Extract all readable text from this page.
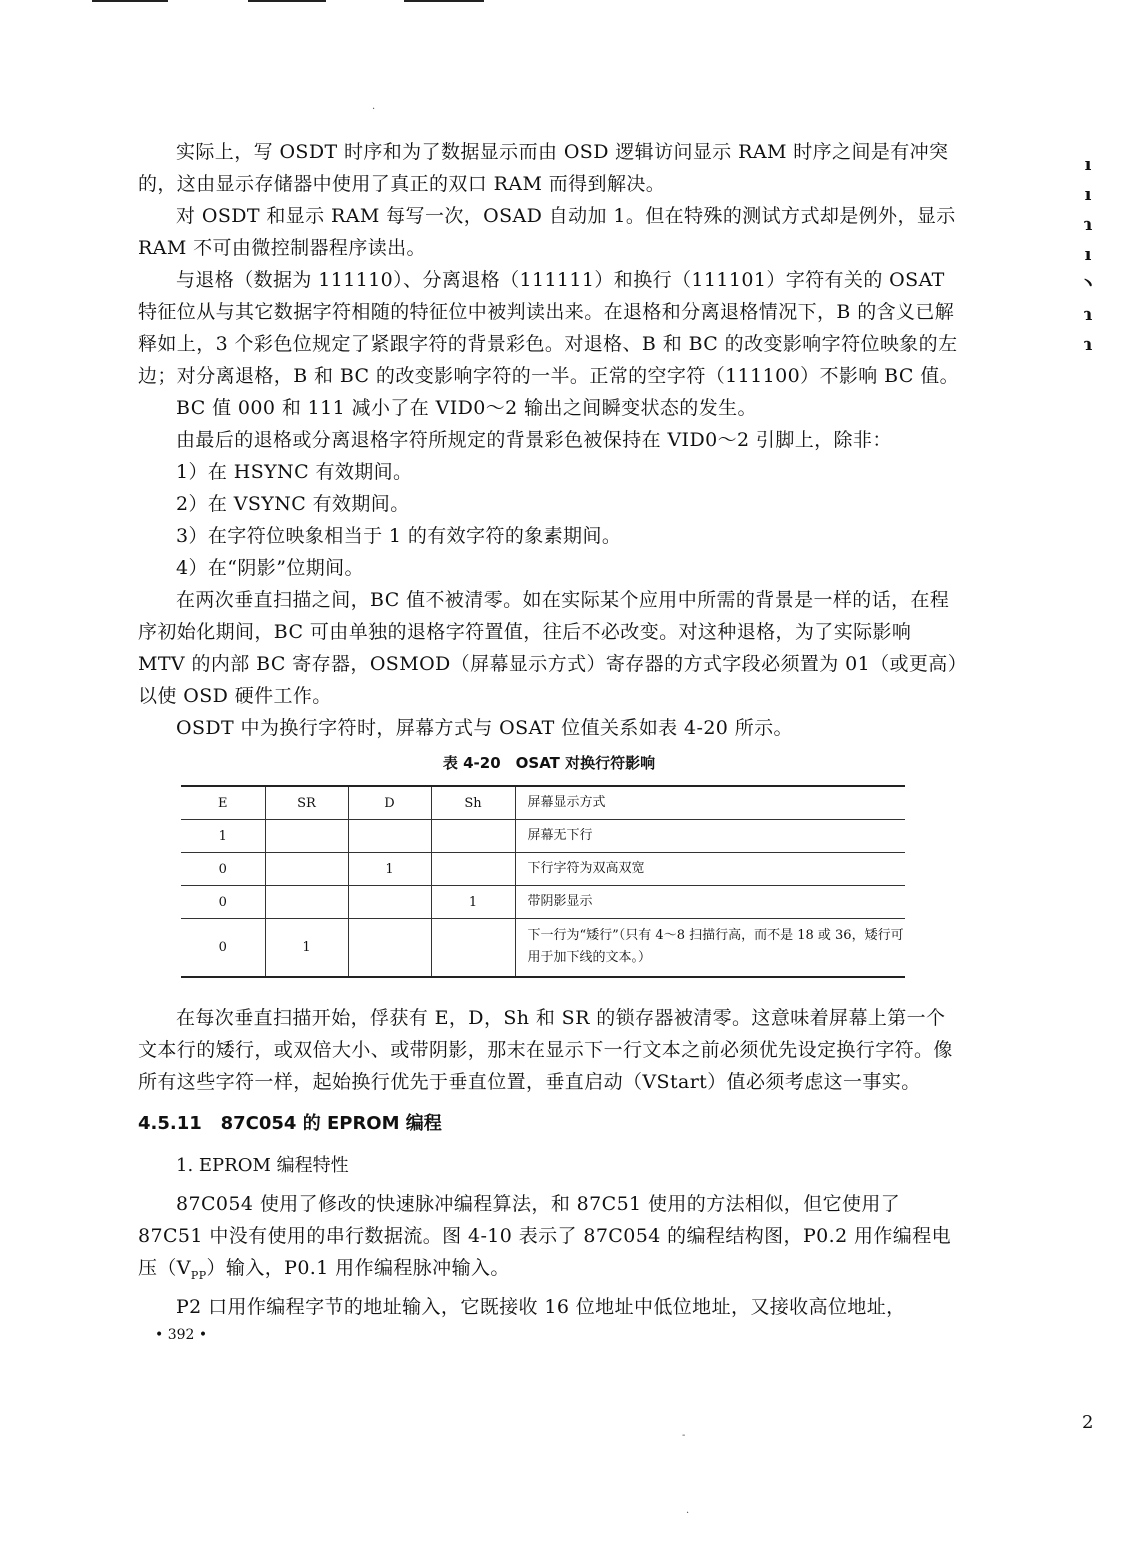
实际上，写 OSDT 时序和为了数据显示而由 OSD 逻辑访问显示 RAM 时序之间是有冲突的，这由显示存储器中使用了真正的双口 RAM 而得到解决。

对 OSDT 和显示 RAM 每写一次，OSAD 自动加 1。但在特殊的测试方式却是例外，显示 RAM 不可由微控制器程序读出。

与退格（数据为 111110）、分离退格（111111）和换行（111101）字符有关的 OSAT 特征位从与其它数据字符相随的特征位中被判读出来。在退格和分离退格情况下，B 的含义已解释如上，3 个彩色位规定了紧跟字符的背景彩色。对退格、B 和 BC 的改变影响字符位映象的左边；对分离退格，B 和 BC 的改变影响字符的一半。正常的空字符（111100）不影响 BC 值。

BC 值 000 和 111 减小了在 VID0～2 输出之间瞬变状态的发生。

由最后的退格或分离退格字符所规定的背景彩色被保持在 VID0～2 引脚上，除非：

1）在 HSYNC 有效期间。

2）在 VSYNC 有效期间。

3）在字符位映象相当于 1 的有效字符的象素期间。

4）在“阴影”位期间。

在两次垂直扫描之间，BC 值不被清零。如在实际某个应用中所需的背景是一样的话，在程序初始化期间，BC 可由单独的退格字符置值，往后不必改变。对这种退格，为了实际影响 MTV 的内部 BC 寄存器，OSMOD（屏幕显示方式）寄存器的方式字段必须置为 01（或更高）以使 OSD 硬件工作。

OSDT 中为换行字符时，屏幕方式与 OSAT 位值关系如表 4-20 所示。

表 4-20　OSAT 对换行符影响
E	SR	D	Sh	屏幕显示方式
1				屏幕无下行
0		1		下行字符为双高双宽
0			1	带阴影显示
0	1			下一行为“矮行”（只有 4～8 扫描行高，而不是 18 或 36，矮行可用于加下线的文本。）

在每次垂直扫描开始，俘获有 E，D，Sh 和 SR 的锁存器被清零。这意味着屏幕上第一个文本行的矮行，或双倍大小、或带阴影，那末在显示下一行文本之前必须优先设定换行字符。像所有这些字符一样，起始换行优先于垂直位置，垂直启动（VStart）值必须考虑这一事实。

4.5.11 87C054 的 EPROM 编程
1. EPROM 编程特性

87C054 使用了修改的快速脉冲编程算法，和 87C51 使用的方法相似，但它使用了 87C51 中没有使用的串行数据流。图 4-10 表示了 87C054 的编程结构图，P0.2 用作编程电压$(V_{PP})$输入，P0.1 用作编程脉冲输入。

P2 口用作编程字节的地址输入，它既接收 16 位地址中低位地址，又接收高位地址，

• 392 •
ı
ı
ɿ
ı
丶
ɿ
ɿ
2
·
-
·
